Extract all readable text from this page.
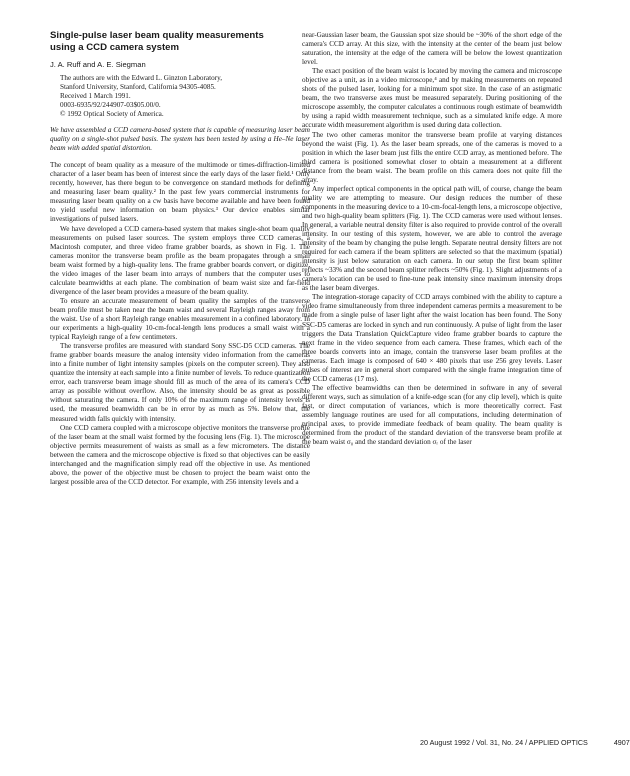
Single-pulse laser beam quality measurements
using a CCD camera system
J. A. Ruff and A. E. Siegman
The authors are with the Edward L. Ginzton Laboratory,
Stanford University, Stanford, California 94305-4085.
Received 1 March 1991.
0003-6935/92/244907-03$05.00/0.
© 1992 Optical Society of America.
We have assembled a CCD camera-based system that is capable of measuring laser beam quality on a single-shot pulsed basis. The system has been tested by using a He–Ne laser beam with added spatial distortion.

The concept of beam quality as a measure of the multimode or times-diffraction-limited character of a laser beam has been of interest since the early days of the laser field.¹ Only recently, however, has there begun to be convergence on standard methods for defining and measuring laser beam quality.² In the past few years commercial instruments for measuring laser beam quality on a cw basis have become available and have been found to yield useful new information on beam physics.³ Our device enables similar investigations of pulsed lasers.

We have developed a CCD camera-based system that makes single-shot beam quality measurements on pulsed laser sources. The system employs three CCD cameras, a Macintosh computer, and three video frame grabber boards, as shown in Fig. 1. The cameras monitor the transverse beam profile as the beam propagates through a small beam waist formed by a high-quality lens. The frame grabber boards convert, or digitize, the video images of the laser beam into arrays of numbers that the computer uses to calculate beamwidths at each plane. The combination of beam waist size and far-field divergence of the laser beam provides a measure of the beam quality.

To ensure an accurate measurement of beam quality the samples of the transverse beam profile must be taken near the beam waist and several Rayleigh ranges away from the waist. Use of a short Rayleigh range enables measurement in a confined laboratory. In our experiments a high-quality 10-cm-focal-length lens produces a small waist with a typical Rayleigh range of a few centimeters.

The transverse profiles are measured with standard Sony SSC-D5 CCD cameras. The frame grabber boards measure the analog intensity video information from the cameras into a finite number of light intensity samples (pixels on the computer screen). They also quantize the intensity at each sample into a finite number of levels. To reduce quantization error, each transverse beam image should fill as much of the area of its camera's CCD array as possible without overflow. Also, the intensity should be as great as possible without saturating the camera. If only 10% of the maximum range of intensity levels is used, the measured beamwidth can be in error by as much as 5%. Below that, the measured width falls quickly with intensity.

One CCD camera coupled with a microscope objective monitors the transverse profile of the laser beam at the small waist formed by the focusing lens (Fig. 1). The microscope objective permits measurement of waists as small as a few micrometers. The distance between the camera and the microscope objective is fixed so that objectives can be easily interchanged and the magnification simply read off the objective in use. As mentioned above, the power of the objective must be chosen to project the beam waist onto the largest possible area of the CCD detector. For example, with 256 intensity levels and a

near-Gaussian laser beam, the Gaussian spot size should be ~30% of the short edge of the camera's CCD array. At this size, with the intensity at the center of the beam just below saturation, the intensity at the edge of the camera will be below the lowest quantization level.

The exact position of the beam waist is located by moving the camera and microscope objective as a unit, as in a video microscope,⁴ and by making measurements on repeated shots of the pulsed laser, looking for a minimum spot size. In the case of an astigmatic beam, the two transverse axes must be measured separately. During positioning of the microscope assembly, the computer calculates a continuous rough estimate of beamwidth by using a rapid width measurement technique, such as a simulated knife edge. A more accurate width measurement algorithm is used during data collection.

The two other cameras monitor the transverse beam profile at varying distances beyond the waist (Fig. 1). As the laser beam spreads, one of the cameras is moved to a position in which the laser beam just fills the entire CCD array, as mentioned before. The third camera is positioned somewhat closer to obtain a measurement at a different distance from the beam waist. The beam profile on this camera does not quite fill the array.

Any imperfect optical components in the optical path will, of course, change the beam quality we are attempting to measure. Our design reduces the number of these components in the measuring device to a 10-cm-focal-length lens, a microscope objective, and two high-quality beam splitters (Fig. 1). The CCD cameras were used without lenses. In general, a variable neutral density filter is also required to provide control of the overall intensity. In our testing of this system, however, we are able to control the average intensity of the beam by changing the pulse length. Separate neutral density filters are not required for each camera if the beam splitters are selected so that the maximum (spatial) intensity is just below saturation on each camera. In our setup the first beam splitter reflects ~33% and the second beam splitter reflects ~50% (Fig. 1). Slight adjustments of a camera's location can be used to fine-tune peak intensity since maximum intensity drops as the laser beam diverges.

The integration-storage capacity of CCD arrays combined with the ability to capture a video frame simultaneously from three independent cameras permits a measurement to be made from a single pulse of laser light after the waist location has been found. The Sony SSC-D5 cameras are locked in synch and run continuously. A pulse of light from the laser triggers the Data Translation QuickCapture video frame grabber boards to capture the next frame in the video sequence from each camera. These frames, which each of the three boards converts into an image, contain the transverse laser beam profiles at the cameras. Each image is composed of 640 × 480 pixels that use 256 grey levels. Laser pulses of interest are in general short compared with the single frame integration time of the CCD cameras (17 ms).

The effective beamwidths can then be determined in software in any of several different ways, such as simulation of a knife-edge scan (for any clip level), which is quite fast, or direct computation of variances, which is more theoretically correct. Fast assembly language routines are used for all computations, including determination of principal axes, to provide immediate feedback of beam quality. The beam quality is determined from the product of the standard deviation of the transverse beam profile at the beam waist σ₀ and the standard deviation σᵣ of the laser

20 August 1992 / Vol. 31, No. 24 / APPLIED OPTICS	4907
